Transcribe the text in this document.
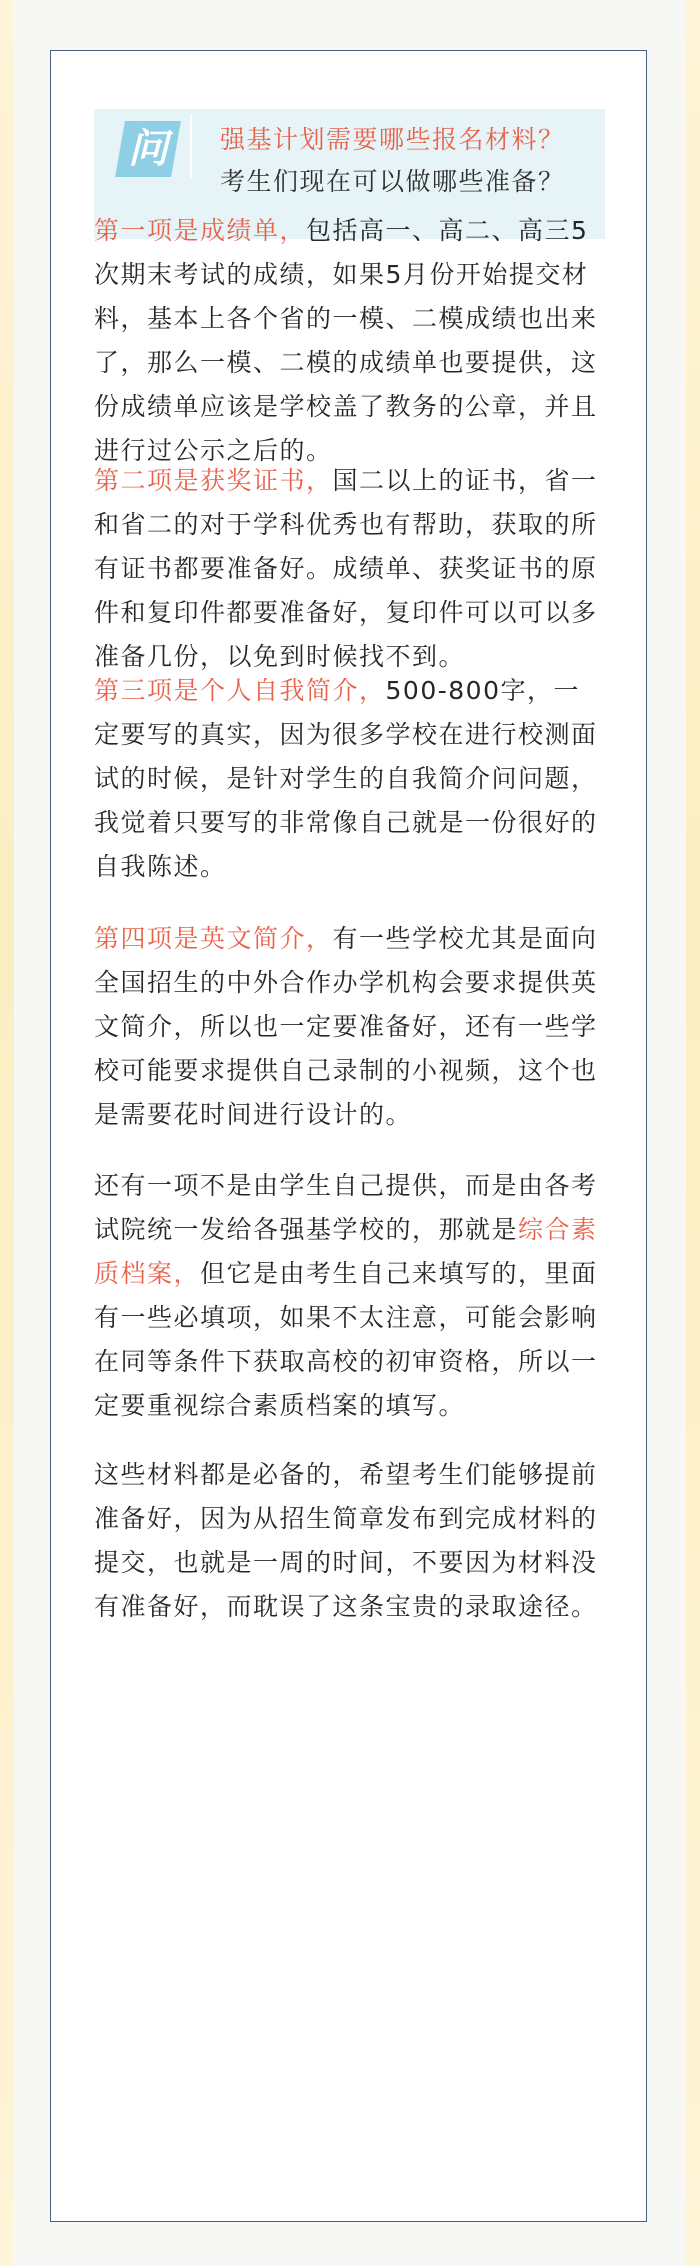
问	强基计划需要哪些报名材料？考生们现在可以做哪些准备？

第一项是成绩单，包括高一、高二、高三5次期末考试的成绩，如果5月份开始提交材料，基本上各个省的一模、二模成绩也出来了，那么一模、二模的成绩单也要提供，这份成绩单应该是学校盖了教务的公章，并且进行过公示之后的。

第二项是获奖证书，国二以上的证书，省一和省二的对于学科优秀也有帮助，获取的所有证书都要准备好。成绩单、获奖证书的原件和复印件都要准备好，复印件可以可以多准备几份，以免到时候找不到。

第三项是个人自我简介，500-800字，一定要写的真实，因为很多学校在进行校测面试的时候，是针对学生的自我简介问问题，我觉着只要写的非常像自己就是一份很好的自我陈述。

第四项是英文简介，有一些学校尤其是面向全国招生的中外合作办学机构会要求提供英文简介，所以也一定要准备好，还有一些学校可能要求提供自己录制的小视频，这个也是需要花时间进行设计的。

还有一项不是由学生自己提供，而是由各考试院统一发给各强基学校的，那就是综合素质档案，但它是由考生自己来填写的，里面有一些必填项，如果不太注意，可能会影响在同等条件下获取高校的初审资格，所以一定要重视综合素质档案的填写。

这些材料都是必备的，希望考生们能够提前准备好，因为从招生简章发布到完成材料的提交，也就是一周的时间，不要因为材料没有准备好，而耽误了这条宝贵的录取途径。
